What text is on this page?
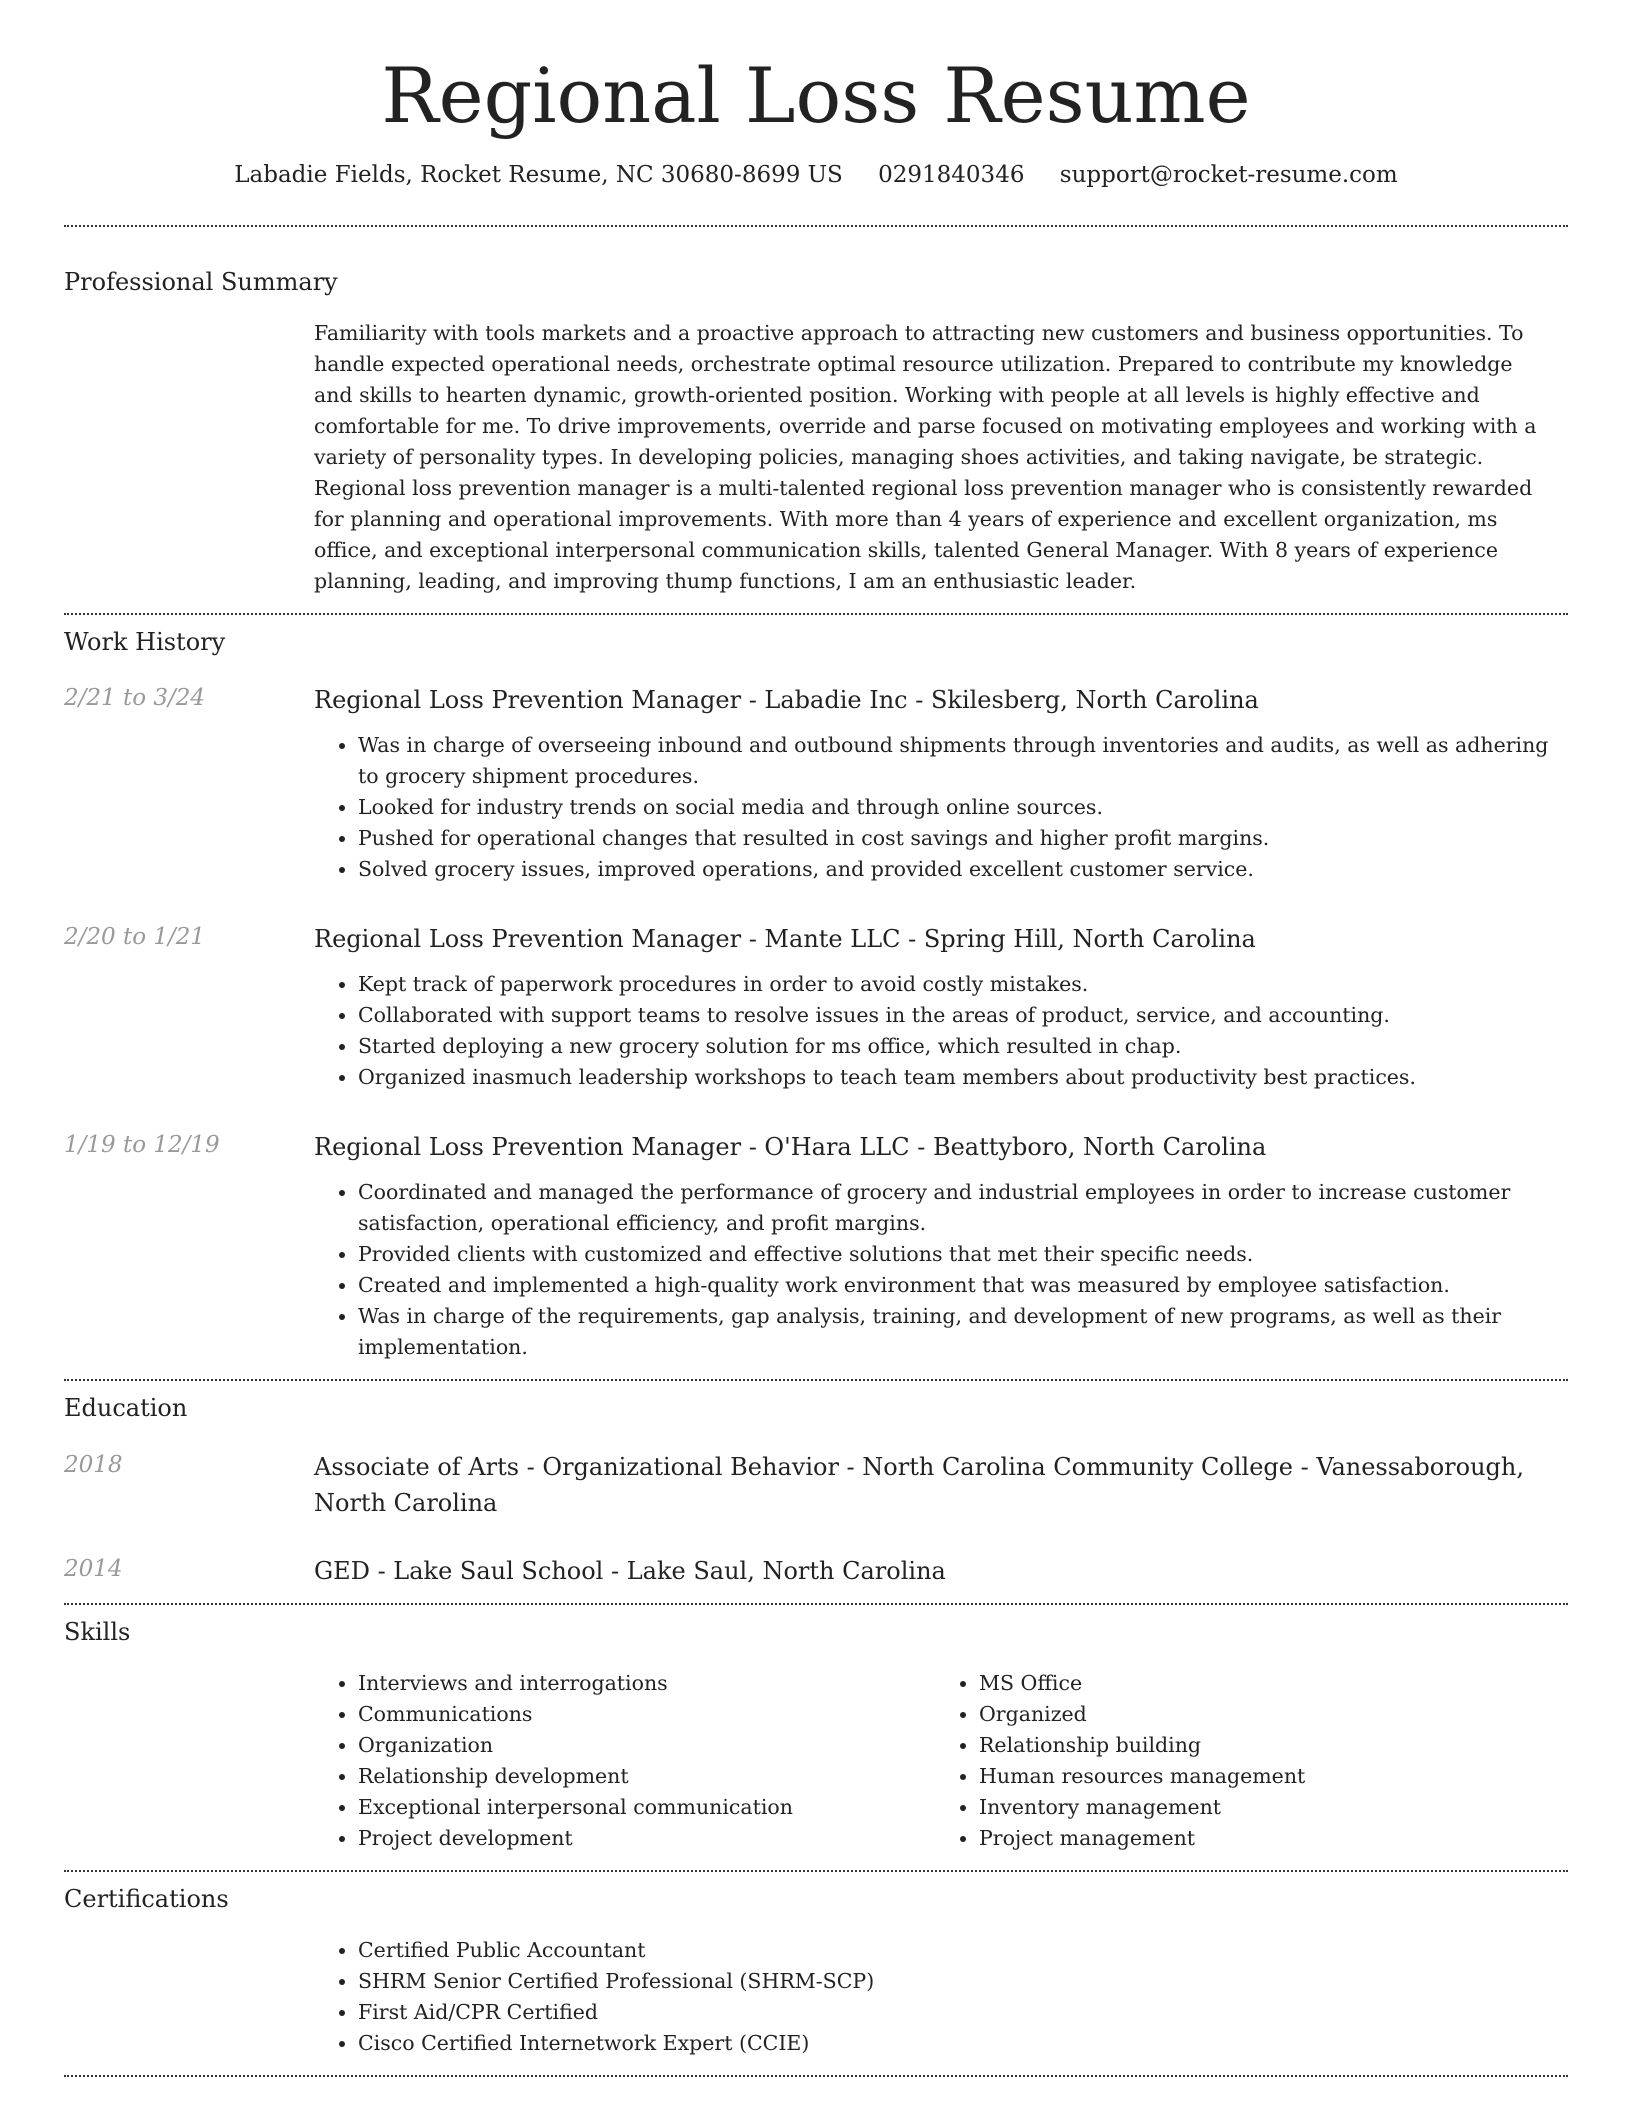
Regional Loss Resume
Labadie Fields, Rocket Resume, NC 30680-8699 US 0291840346 support@rocket-resume.com
Professional Summary

Familiarity with tools markets and a proactive approach to attracting new customers and business opportunities. To handle expected operational needs, orchestrate optimal resource utilization. Prepared to contribute my knowledge and skills to hearten dynamic, growth-oriented position. Working with people at all levels is highly effective and comfortable for me. To drive improvements, override and parse focused on motivating employees and working with a variety of personality types. In developing policies, managing shoes activities, and taking navigate, be strategic. Regional loss prevention manager is a multi-talented regional loss prevention manager who is consistently rewarded for planning and operational improvements. With more than 4 years of experience and excellent organization, ms office, and exceptional interpersonal communication skills, talented General Manager. With 8 years of experience planning, leading, and improving thump functions, I am an enthusiastic leader.

Work History
2/21 to 3/24	Regional Loss Prevention Manager - Labadie Inc - Skilesberg, North Carolina
• Was in charge of overseeing inbound and outbound shipments through inventories and audits, as well as adhering to grocery shipment procedures.
• Looked for industry trends on social media and through online sources.
• Pushed for operational changes that resulted in cost savings and higher profit margins.
• Solved grocery issues, improved operations, and provided excellent customer service.
2/20 to 1/21	Regional Loss Prevention Manager - Mante LLC - Spring Hill, North Carolina
• Kept track of paperwork procedures in order to avoid costly mistakes.
• Collaborated with support teams to resolve issues in the areas of product, service, and accounting.
• Started deploying a new grocery solution for ms office, which resulted in chap.
• Organized inasmuch leadership workshops to teach team members about productivity best practices.
1/19 to 12/19	Regional Loss Prevention Manager - O'Hara LLC - Beattyboro, North Carolina
• Coordinated and managed the performance of grocery and industrial employees in order to increase customer satisfaction, operational efficiency, and profit margins.
• Provided clients with customized and effective solutions that met their specific needs.
• Created and implemented a high-quality work environment that was measured by employee satisfaction.
• Was in charge of the requirements, gap analysis, training, and development of new programs, as well as their implementation.
Education
2018	Associate of Arts - Organizational Behavior - North Carolina Community College - Vanessaborough, North Carolina
2014	GED - Lake Saul School - Lake Saul, North Carolina
Skills
• Interviews and interrogations
• Communications
• Organization
• Relationship development
• Exceptional interpersonal communication
• Project development
• MS Office
• Organized
• Relationship building
• Human resources management
• Inventory management
• Project management
Certifications
• Certified Public Accountant
• SHRM Senior Certified Professional (SHRM-SCP)
• First Aid/CPR Certified
• Cisco Certified Internetwork Expert (CCIE)
